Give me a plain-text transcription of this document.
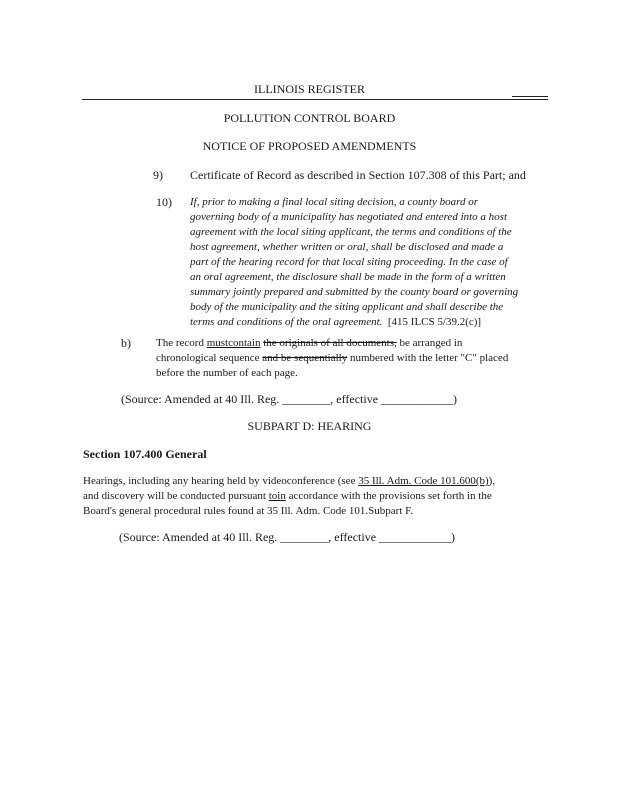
ILLINOIS REGISTER
POLLUTION CONTROL BOARD
NOTICE OF PROPOSED AMENDMENTS
9) Certificate of Record as described in Section 107.308 of this Part; and
10) If, prior to making a final local siting decision, a county board or
governing body of a municipality has negotiated and entered into a host
agreement with the local siting applicant, the terms and conditions of the
host agreement, whether written or oral, shall be disclosed and made a
part of the hearing record for that local siting proceeding. In the case of
an oral agreement, the disclosure shall be made in the form of a written
summary jointly prepared and submitted by the county board or governing
body of the municipality and the siting applicant and shall describe the
terms and conditions of the oral agreement. [415 ILCS 5/39.2(c)]
b) The record mustcontain the originals of all documents, be arranged in
chronological sequence and be sequentially numbered with the letter "C" placed
before the number of each page.
(Source: Amended at 40 Ill. Reg. ________, effective ____________)
SUBPART D: HEARING
Section 107.400 General
Hearings, including any hearing held by videoconference (see 35 Ill. Adm. Code 101.600(b)),
and discovery will be conducted pursuant toin accordance with the provisions set forth in the
Board's general procedural rules found at 35 Ill. Adm. Code 101.Subpart F.
(Source: Amended at 40 Ill. Reg. ________, effective ____________)
